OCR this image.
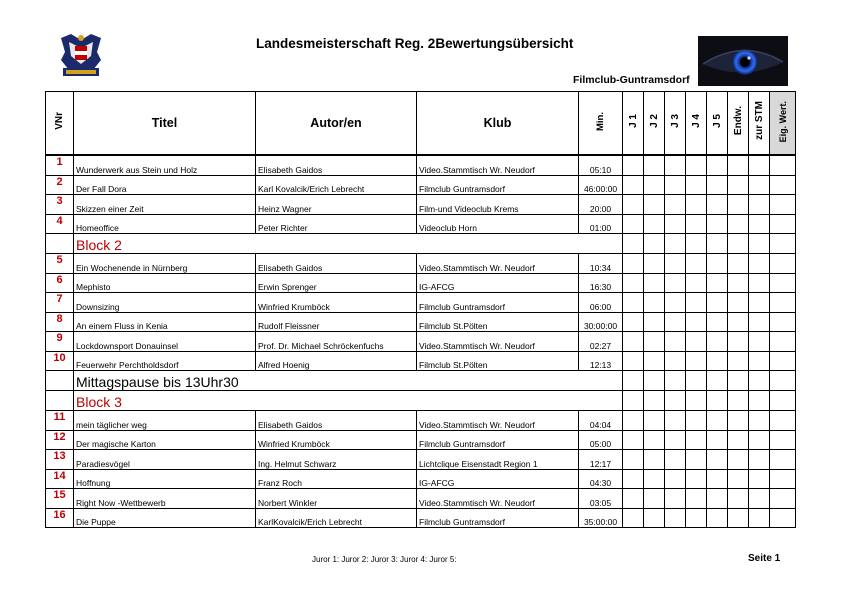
Landesmeisterschaft Reg. 2Bewertungsübersicht
Filmclub-Guntramsdorf
VNr	Titel	Autor/en	Klub	Min.	J 1	J 2	J 3	J 4	J 5	Endw.	zur STM	Eig. Wert.
1	Wunderwerk aus Stein und Holz	Elisabeth Gaidos	Video.Stammtisch Wr. Neudorf	05:10								
2	Der Fall Dora	Karl Kovalcik/Erich Lebrecht	Filmclub Guntramsdorf	46:00:00								
3	Skizzen einer Zeit	Heinz Wagner	Film-und Videoclub Krems	20:00								
4	Homeoffice	Peter Richter	Videoclub Horn	01:00								
	Block 2											
5	Ein Wochenende in Nürnberg	Elisabeth Gaidos	Video.Stammtisch Wr. Neudorf	10:34								
6	Mephisto	Erwin Sprenger	IG-AFCG	16:30								
7	Downsizing	Winfried Krumböck	Filmclub Guntramsdorf	06:00								
8	An einem Fluss in Kenia	Rudolf Fleissner	Filmclub St.Pölten	30:00:00								
9	Lockdownsport Donauinsel	Prof. Dr. Michael Schröckenfuchs	Video.Stammtisch Wr. Neudorf	02:27								
10	Feuerwehr Perchtholdsdorf	Alfred Hoenig	Filmclub St.Pölten	12:13								
	Mittagspause bis 13Uhr30											
	Block 3											
11	mein täglicher weg	Elisabeth Gaidos	Video.Stammtisch Wr. Neudorf	04:04								
12	Der magische Karton	Winfried Krumböck	Filmclub Guntramsdorf	05:00								
13	Paradiesvögel	Ing. Helmut Schwarz	Lichtclique Eisenstadt Region 1	12:17								
14	Hoffnung	Franz Roch	IG-AFCG	04:30								
15	Right Now -Wettbewerb	Norbert Winkler	Video.Stammtisch Wr. Neudorf	03:05								
16	Die Puppe	KarlKovalcik/Erich Lebrecht	Filmclub Guntramsdorf	35:00:00								
Juror 1: Juror 2: Juror 3: Juror 4: Juror 5:	Seite 1
